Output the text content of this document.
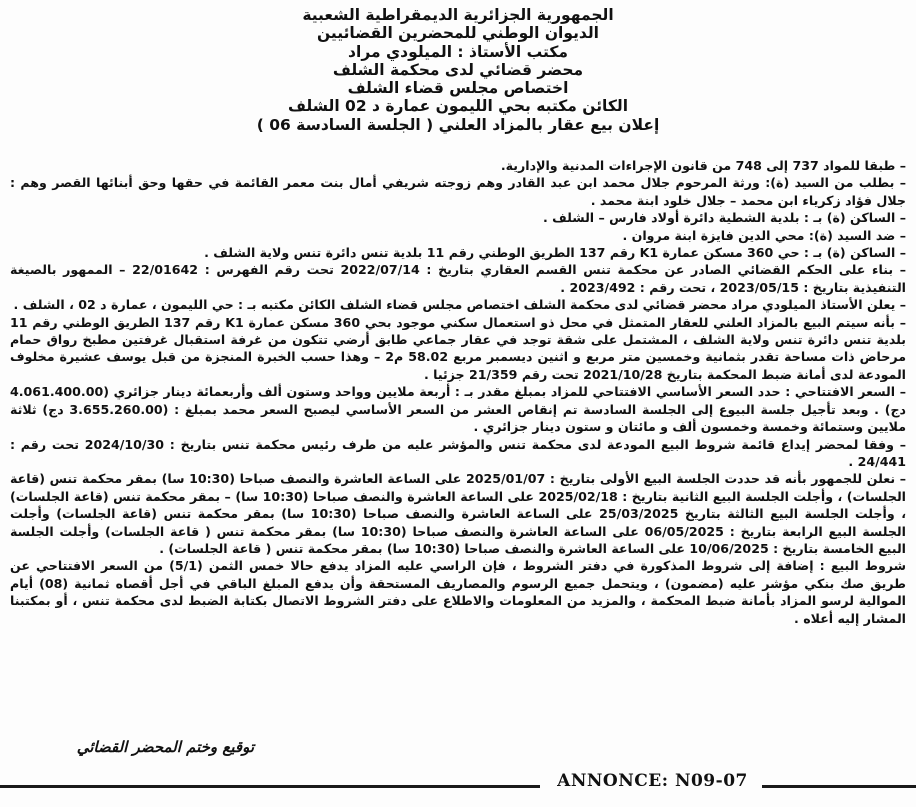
الجمهورية الجزائرية الديمقراطية الشعبية
الديوان الوطني للمحضرين القضائيين
مكتب الأستاذ : الميلودي مراد
محضر قضائي لدى محكمة الشلف
اختصاص مجلس قضاء الشلف
الكائن مكتبه بحي الليمون عمارة د 02 الشلف
إعلان بيع عقار بالمزاد العلني ( الجلسة السادسة 06 )

– طبقا للمواد 737 إلى 748 من قانون الإجراءات المدنية والإدارية.

– بطلب من السيد (ة): ورثة المرحوم جلال محمد ابن عبد القادر وهم زوجته شريفي أمال بنت معمر القائمة في حقها وحق أبنائها القصر وهم : جلال فؤاد زكرياء ابن محمد – جلال خلود ابنة محمد .

– الساكن (ة) بـ : بلدية الشطية دائرة أولاد فارس – الشلف .

– ضد السيد (ة): محي الدين فايزة ابنة مروان .

– الساكن (ة) بـ : حي 360 مسكن عمارة K1 رقم 137 الطريق الوطني رقم 11 بلدية تنس دائرة تنس ولاية الشلف .

– بناء على الحكم القضائي الصادر عن محكمة تنس القسم العقاري بتاريخ : 2022/07/14 تحت رقم الفهرس : 22/01642 – الممهور بالصيغة التنفيذية بتاريخ : 2023/05/15 ، تحت رقم : 2023/492 .

– يعلن الأستاذ الميلودي مراد محضر قضائي لدى محكمة الشلف اختصاص مجلس قضاء الشلف الكائن مكتبه بـ : حي الليمون ، عمارة د 02 ، الشلف .

– بأنه سيتم البيع بالمزاد العلني للعقار المتمثل في محل ذو استعمال سكني موجود بحي 360 مسكن عمارة K1 رقم 137 الطريق الوطني رقم 11 بلدية تنس دائرة تنس ولاية الشلف ، المشتمل على شقة توجد في عقار جماعي طابق أرضي تتكون من غرفة استقبال غرفتين مطبخ رواق حمام مرحاض ذات مساحة تقدر بثمانية وخمسين متر مربع و اثنين ديسمبر مربع 58.02 م2 – وهذا حسب الخبرة المنجزة من قبل يوسف عشيرة مخلوف المودعة لدى أمانة ضبط المحكمة بتاريخ 2021/10/28 تحت رقم 21/359 جزئيا .

– السعر الافتتاحي : حدد السعر الأساسي الافتتاحي للمزاد بمبلغ مقدر بـ : أربعة ملايين وواحد وستون ألف وأربعمائة دينار جزائري (4.061.400.00 دج) . وبعد تأجيل جلسة البيوع إلى الجلسة السادسة تم إنقاص العشر من السعر الأساسي ليصبح السعر محمد بمبلغ : (3.655.260.00 دج) ثلاثة ملايين وستمائة وخمسة وخمسون ألف و مائتان و ستون دينار جزائري .

– وفقا لمحضر إيداع قائمة شروط البيع المودعة لدى محكمة تنس والمؤشر عليه من طرف رئيس محكمة تنس بتاريخ : 2024/10/30 تحت رقم : 24/441 .

– نعلن للجمهور بأنه قد حددت الجلسة البيع الأولى بتاريخ : 2025/01/07 على الساعة العاشرة والنصف صباحا (10:30 سا) بمقر محكمة تنس (قاعة الجلسات) ، وأجلت الجلسة البيع الثانية بتاريخ : 2025/02/18 على الساعة العاشرة والنصف صباحا (10:30 سا) – بمقر محكمة تنس (قاعة الجلسات) ، وأجلت الجلسة البيع الثالثة بتاريخ 25/03/2025 على الساعة العاشرة والنصف صباحا (10:30 سا) بمقر محكمة تنس (قاعة الجلسات) وأجلت الجلسة البيع الرابعة بتاريخ : 06/05/2025 على الساعة العاشرة والنصف صباحا (10:30 سا) بمقر محكمة تنس ( قاعة الجلسات) وأجلت الجلسة البيع الخامسة بتاريخ : 10/06/2025 على الساعة العاشرة والنصف صباحا (10:30 سا) بمقر محكمة تنس ( قاعة الجلسات) .

شروط البيع : إضافة إلى شروط المذكورة في دفتر الشروط ، فإن الراسي عليه المزاد يدفع حالا خمس الثمن (5/1) من السعر الافتتاحي عن طريق صك بنكي مؤشر عليه (مضمون) ، ويتحمل جميع الرسوم والمصاريف المستحقة وأن يدفع المبلغ الباقي في أجل أقصاه ثمانية (08) أيام الموالية لرسو المزاد بأمانة ضبط المحكمة ، والمزيد من المعلومات والاطلاع على دفتر الشروط الاتصال بكتابة الضبط لدى محكمة تنس ، أو بمكتبنا المشار إليه أعلاه .

توقيع وختم المحضر القضائي
ANNONCE: N09-07
